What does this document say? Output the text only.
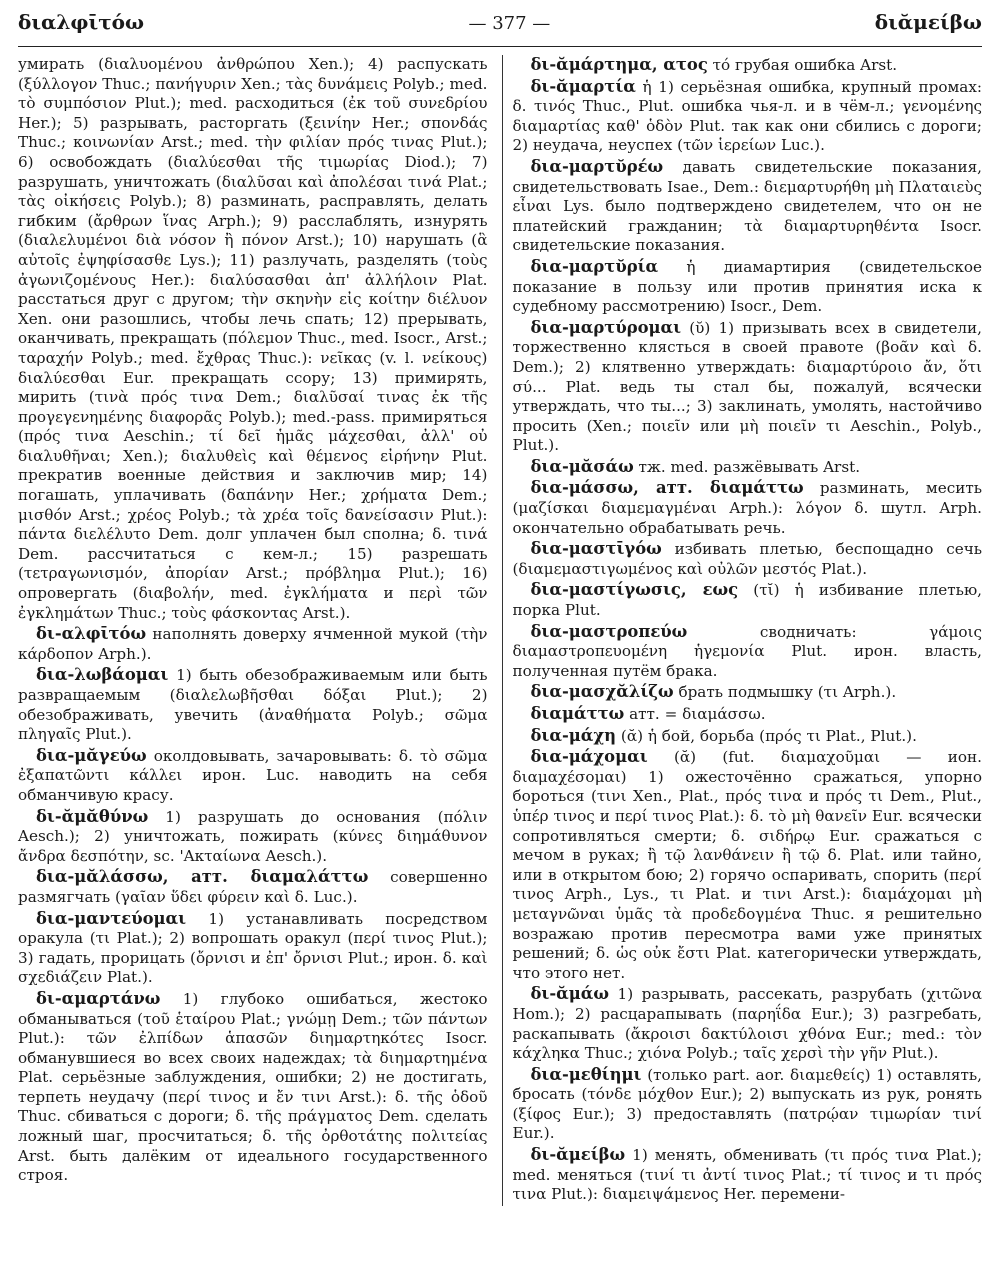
διαλφῑτόω	— 377 —	διᾰμείβω

умирать (διαλυομένου ἀνθρώπου Xen.); 4) распускать (ξύλλογον Thuc.; πανήγυριν Xen.; τὰς δυνάμεις Polyb.; med. τὸ συμπόσιον Plut.); med. расходиться (ἐκ τοῦ συνεδρίου Her.); 5) разрывать, расторгать (ξεινίην Her.; σπονδάς Thuc.; κοινωνίαν Arst.; med. τὴν φιλίαν πρός τινας Plut.); 6) освобождать (διαλύεσθαι τῆς τιμωρίας Diod.); 7) разрушать, уничтожать (διαλῦσαι καὶ ἀπολέσαι τινά Plat.; τὰς οἰκήσεις Polyb.); 8) разминать, расправлять, делать гибким (ἄρθρων ἵνας Arph.); 9) расслаблять, изнурять (διαλελυμένοι διὰ νόσον ἢ πόνον Arst.); 10) нарушать (ἃ αὐτοῖς ἐψηφίσασθε Lys.); 11) разлучать, разделять (τοὺς ἀγωνιζομένους Her.): διαλύσασθαι ἀπ' ἀλλήλοιν Plat. расстаться друг с другом; τὴν σκηνὴν εἰς κοίτην διέλυον Xen. они разошлись, чтобы лечь спать; 12) прерывать, оканчивать, прекращать (πόλεμον Thuc., med. Isocr., Arst.; ταραχήν Polyb.; med. ἔχθρας Thuc.): νεῖκας (v. l. νείκους) διαλύεσθαι Eur. прекращать ссору; 13) примирять, мирить (τινὰ πρός τινα Dem.; διαλῦσαί τινας ἐκ τῆς προγεγενημένης διαφορᾶς Polyb.); med.-pass. примиряться (πρός τινα Aeschin.; τί δεῖ ἡμᾶς μάχεσθαι, ἀλλ' οὐ διαλυθῆναι; Xen.); διαλυθεὶς καὶ θέμενος εἰρήνην Plut. прекратив военные действия и заключив мир; 14) погашать, уплачивать (δαπάνην Her.; χρήματα Dem.; μισθόν Arst.; χρέος Polyb.; τὰ χρέα τοῖς δανείσασιν Plut.): πάντα διελέλυτο Dem. долг уплачен был сполна; δ. τινά Dem. рассчитаться с кем-л.; 15) разрешать (τετραγωνισμόν, ἀπορίαν Arst.; πρόβλημα Plut.); 16) опровергать (διαβολήν, med. ἐγκλήματα и περὶ τῶν ἐγκλημάτων Thuc.; τοὺς φάσκοντας Arst.).

δι-αλφῑτόω наполнять доверху ячменной мукой (τὴν κάρδοπον Arph.).

δια-λωβάομαι 1) быть обезображиваемым или быть развращаемым (διαλελωβῆσθαι δόξαι Plut.); 2) обезображивать, увечить (ἀναθήματα Polyb.; σῶμα πληγαῖς Plut.).

δια-μᾰγεύω околдовывать, зачаровывать: δ. τὸ σῶμα ἐξαπατῶντι κάλλει ирон. Luc. наводить на себя обманчивую красу.

δι-ᾰμᾰθύνω 1) разрушать до основания (πόλιν Aesch.); 2) уничтожать, пожирать (κύνες διημάθυνον ἄνδρα δεσπότην, sc. 'Ακταίωνα Aesch.).

δια-μᾰλάσσω, атт. διαμαλάττω совершенно размягчать (γαῖαν ὕδει φύρειν καὶ δ. Luc.).

δια-μαντεύομαι 1) устанавливать посредством оракула (τι Plat.); 2) вопрошать оракул (περί τινος Plut.); 3) гадать, прорицать (ὄρνισι и ἐπ' ὄρνισι Plut.; ирон. δ. καὶ σχεδιάζειν Plat.).

δι-αμαρτάνω 1) глубоко ошибаться, жестоко обманываться (τοῦ ἑταίρου Plat.; γνώμῃ Dem.; τῶν πάντων Plut.): τῶν ἐλπίδων ἁπασῶν διημαρτηκότες Isocr. обманувшиеся во всех своих надеждах; τὰ διημαρτημένα Plat. серьёзные заблуждения, ошибки; 2) не достигать, терпеть неудачу (περί τινος и ἔν τινι Arst.): δ. τῆς ὁδοῦ Thuc. сбиваться с дороги; δ. τῆς πράγματος Dem. сделать ложный шаг, просчитаться; δ. τῆς ὀρθοτάτης πολιτείας Arst. быть далёким от идеального государственного строя.

δι-ᾰμάρτημα, ατος τό грубая ошибка Arst.

δι-ᾰμαρτία ἡ 1) серьёзная ошибка, крупный промах: δ. τινός Thuc., Plut. ошибка чья-л. и в чём-л.; γενομένης διαμαρτίας καθ' ὁδὸν Plut. так как они сбились с дороги; 2) неудача, неуспех (τῶν ἱερείων Luc.).

δια-μαρτῠρέω давать свидетельские показания, свидетельствовать Isae., Dem.: διεμαρτυρήθη μὴ Πλαταιεὺς εἶναι Lys. было подтверждено свидетелем, что он не платейский гражданин; τὰ διαμαρτυρηθέντα Isocr. свидетельские показания.

δια-μαρτῠρία ἡ диамартирия (свидетельское показание в пользу или против принятия иска к судебному рассмотрению) Isocr., Dem.

δια-μαρτύρομαι (ῠ) 1) призывать всех в свидетели, торжественно клясться в своей правоте (βοᾶν καὶ δ. Dem.); 2) клятвенно утверждать: διαμαρτύροιο ἄν, ὅτι σύ... Plat. ведь ты стал бы, пожалуй, всячески утверждать, что ты...; 3) заклинать, умолять, настойчиво просить (Xen.; ποιεῖν или μὴ ποιεῖν τι Aeschin., Polyb., Plut.).

δια-μᾰσάω тж. med. разжёвывать Arst.

δια-μάσσω, атт. διαμάττω разминать, месить (μαζίσκαι διαμεμαγμέναι Arph.): λόγον δ. шутл. Arph. окончательно обрабатывать речь.

δια-μαστῑγόω избивать плетью, беспощадно сечь (διαμεμαστιγωμένος καὶ οὐλῶν μεστός Plat.).

δια-μαστίγωσις, εως (τῐ) ἡ избивание плетью, порка Plut.

δια-μαστροπεύω	сводничать: γάμοις διαμαστροπευομένη ἡγεμονία Plut. ирон. власть, полученная путём брака.

δια-μασχᾰλίζω брать подмышку (τι Arph.).

διαμάττω атт. = διαμάσσω.

δια-μάχη (ᾰ) ἡ бой, борьба (πρός τι Plat., Plut.).

δια-μάχομαι (ᾰ) (fut. διαμαχοῦμαι — ион. διαμαχέσομαι) 1) ожесточённо сражаться, упорно бороться (τινι Xen., Plat., πρός τινα и πρός τι Dem., Plut., ὑπέρ τινος и περί τινος Plat.): δ. τὸ μὴ θανεῖν Eur. всячески сопротивляться смерти; δ. σιδήρῳ Eur. сражаться с мечом в руках; ἢ τῷ λανθάνειν ἢ τῷ δ. Plat. или тайно, или в открытом бою; 2) горячо оспаривать, спорить (περί τινος Arph., Lys., τι Plat. и τινι Arst.): διαμάχομαι μὴ μεταγνῶναι ὑμᾶς τὰ προδεδογμένα Thuc. я решительно возражаю против пересмотра вами уже принятых решений; δ. ὡς οὐκ ἔστι Plat. категорически утверждать, что этого нет.

δι-ᾰμάω 1) разрывать, рассекать, разрубать (χιτῶνα Hom.); 2) расцарапывать (παρηΐδα Eur.); 3) разгребать, раскапывать (ἄκροισι δακτύλοισι χθόνα Eur.; med.: τὸν κάχληκα Thuc.; χιόνα Polyb.; ταῖς χερσὶ τὴν γῆν Plut.).

δια-μεθίημι (только part. aor. διαμεθείς) 1) оставлять, бросать (τόνδε μόχθον Eur.); 2) выпускать из рук, ронять (ξίφος Eur.); 3) предоставлять (πατρῴαν τιμωρίαν τινί Eur.).

δι-ᾰμείβω 1) менять, обменивать (τι πρός τινα Plat.); med. меняться (τινί τι ἀντί τινος Plat.; τί τινος и τι πρός τινα Plut.): διαμειψάμενος Her. перемени-
